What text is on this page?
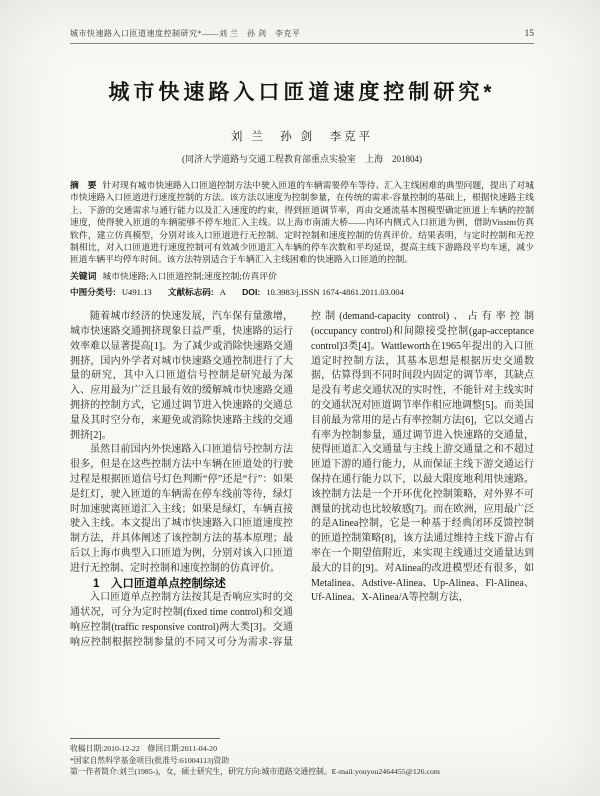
城市快速路入口匝道速度控制研究*——刘 兰　孙 剑　李克平	15
城市快速路入口匝道速度控制研究*
刘 兰　孙 剑　李克平
(同济大学道路与交通工程教育部重点实验室　上海　201804)
摘　要 针对现有城市快速路入口匝道控制方法中驶入匝道的车辆需要停车等待、汇入主线困难的典型问题，提出了对城市快速路入口匝道进行速度控制的方法。该方法以速度为控制参量，在传统的需求-容量控制的基础上，根据快速路主线上、下游的交通需求与通行能力以及汇入速度的约束，得到匝道调节率，再由交通流基本图模型确定匝道上车辆的控制速度，使得驶入匝道的车辆能够不停车地汇入主线。以上海市南浦大桥——内环内侧式入口匝道为例，借助Vissim仿真软件，建立仿真模型，分别对该入口匝道进行无控制、定时控制和速度控制的仿真评价。结果表明，与定时控制和无控制相比，对入口匝道进行速度控制可有效减少匝道汇入车辆的停车次数和平均延误，提高主线下游路段平均车速，减少匝道车辆平均停车时间。该方法特别适合于车辆汇入主线困难的快速路入口匝道的控制。
关键词 城市快速路;入口匝道控制;速度控制;仿真评价
中图分类号: U491.13 文献标志码: A DOI: 10.3983/j.ISSN 1674-4861.2011.03.004

随着城市经济的快速发展，汽车保有量激增，城市快速路交通拥挤现象日益严重，快速路的运行效率难以显著提高[1]。为了减少或消除快速路交通拥挤，国内外学者对城市快速路交通控制进行了大量的研究，其中入口匝道信号控制是研究最为深入、应用最为广泛且最有效的缓解城市快速路交通拥挤的控制方式，它通过调节进入快速路的交通总量及其时空分布，来避免或消除快速路主线的交通拥挤[2]。

虽然目前国内外快速路入口匝道信号控制方法很多，但是在这些控制方法中车辆在匝道处的行驶过程是根据匝道信号灯色判断“停”还是“行”：如果是红灯，驶入匝道的车辆需在停车线前等待，绿灯时加速驶离匝道汇入主线；如果是绿灯，车辆直接驶入主线。本文提出了城市快速路入口匝道速度控制方法，并具体阐述了该控制方法的基本原理；最后以上海市典型入口匝道为例，分别对该入口匝道进行无控制、定时控制和速度控制的仿真评价。

1　入口匝道单点控制综述

入口匝道单点控制方法按其是否响应实时的交通状况，可分为定时控制(fixed time control)和交通响应控制(traffic responsive control)两大类[3]。交通响应控制根据控制参量的不同又可分为需求-容量控制(demand-capacity control)、占有率控制(occupancy control)和间隙接受控制(gap-acceptance control)3类[4]。Wattleworth在1965年提出的入口匝道定时控制方法，其基本思想是根据历史交通数据，估算得到不同时间段内固定的调节率，其缺点是没有考虑交通状况的实时性，不能针对主线实时的交通状况对匝道调节率作相应地调整[5]。而美国目前最为常用的是占有率控制方法[6]，它以交通占有率为控制参量，通过调节进入快速路的交通量，使得匝道汇入交通量与主线上游交通量之和不超过匝道下游的通行能力，从而保证主线下游交通运行保持在通行能力以下，以最大限度地利用快速路。该控制方法是一个开环优化控制策略，对外界不可测量的扰动也比较敏感[7]。而在欧洲，应用最广泛的是Alinea控制，它是一种基于经典闭环反馈控制的匝道控制策略[8]，该方法通过维持主线下游占有率在一个期望值附近，来实现主线通过交通量达到最大的目的[9]。对Alinea的改进模型还有很多，如Metalinea、Adstive-Alinea、Up-Alinea、Fl-Alinea、Uf-Alinea、X-Alinea/A等控制方法，

收稿日期:2010-12-22　修回日期:2011-04-20

*国家自然科学基金项目(批准号:61004113)资助

第一作者简介:刘兰(1985-)，女，硕士研究生，研究方向:城市道路交通控制。E-mail:youyou2464455@126.com
